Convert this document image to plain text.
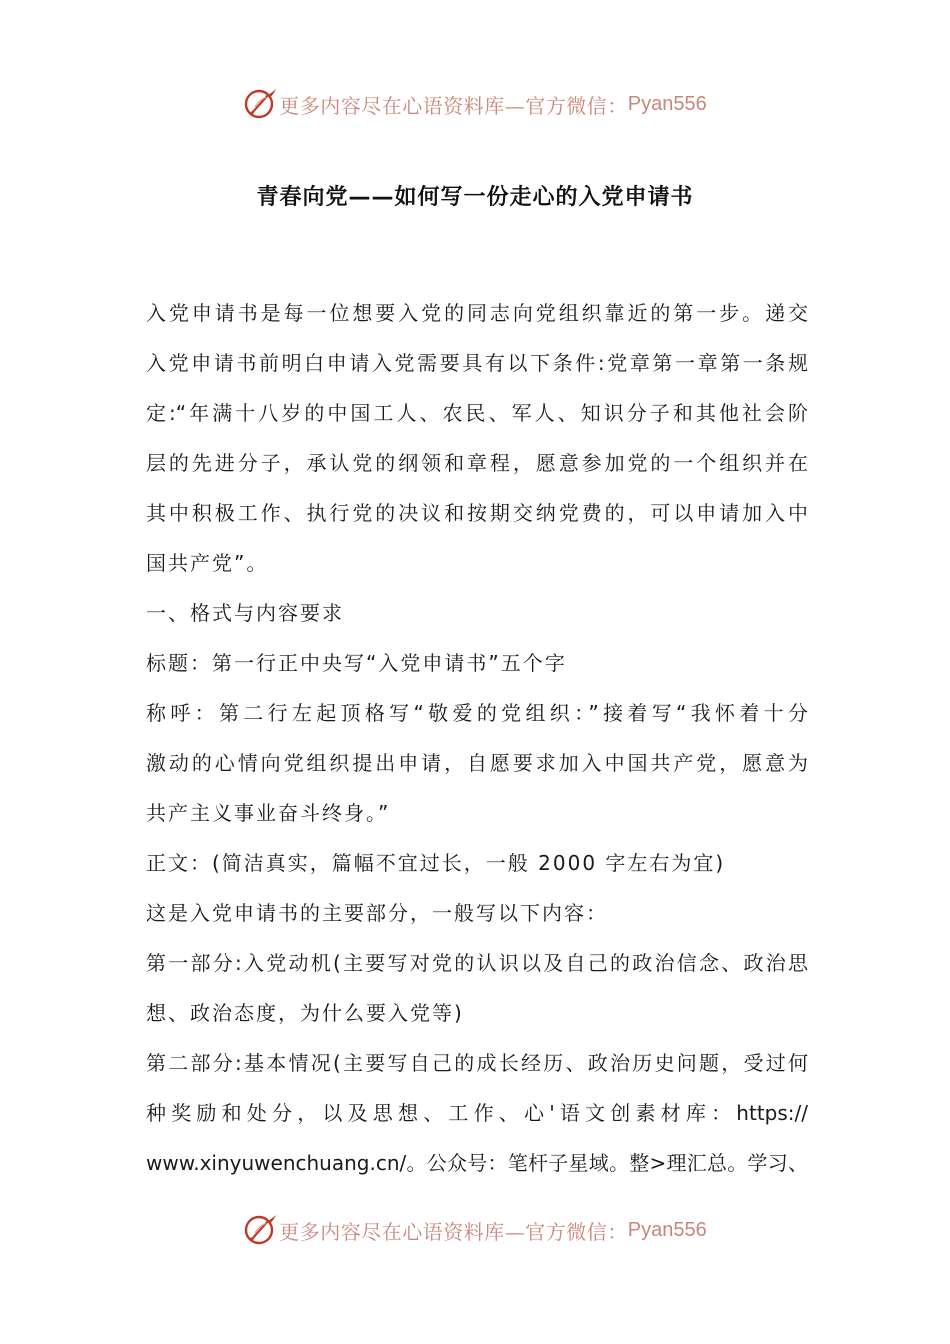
更多内容尽在心语资料库—官方微信： Pyan556
青春向党——如何写一份走心的入党申请书
入党申请书是每一位想要入党的同志向党组织靠近的第一步。递交
入党申请书前明白申请入党需要具有以下条件:党章第一章第一条规
定:“年满十八岁的中国工人、农民、军人、知识分子和其他社会阶
层的先进分子，承认党的纲领和章程，愿意参加党的一个组织并在
其中积极工作、执行党的决议和按期交纳党费的，可以申请加入中
国共产党”。
一、格式与内容要求
标题：第一行正中央写“入党申请书”五个字
称呼：第二行左起顶格写“敬爱的党组织：”接着写“我怀着十分
激动的心情向党组织提出申请，自愿要求加入中国共产党，愿意为
共产主义事业奋斗终身。”
正文：(简洁真实，篇幅不宜过长，一般 2000 字左右为宜)
这是入党申请书的主要部分，一般写以下内容：
第一部分:入党动机(主要写对党的认识以及自己的政治信念、政治思
想、政治态度，为什么要入党等)
第二部分:基本情况(主要写自己的成长经历、政治历史问题，受过何
种奖励和处分，以及思想、工作、心'语文创素材库：https://
www.xinyuwenchuang.cn/。公众号：笔杆子星域。整>理汇总。学习、
更多内容尽在心语资料库—官方微信： Pyan556
